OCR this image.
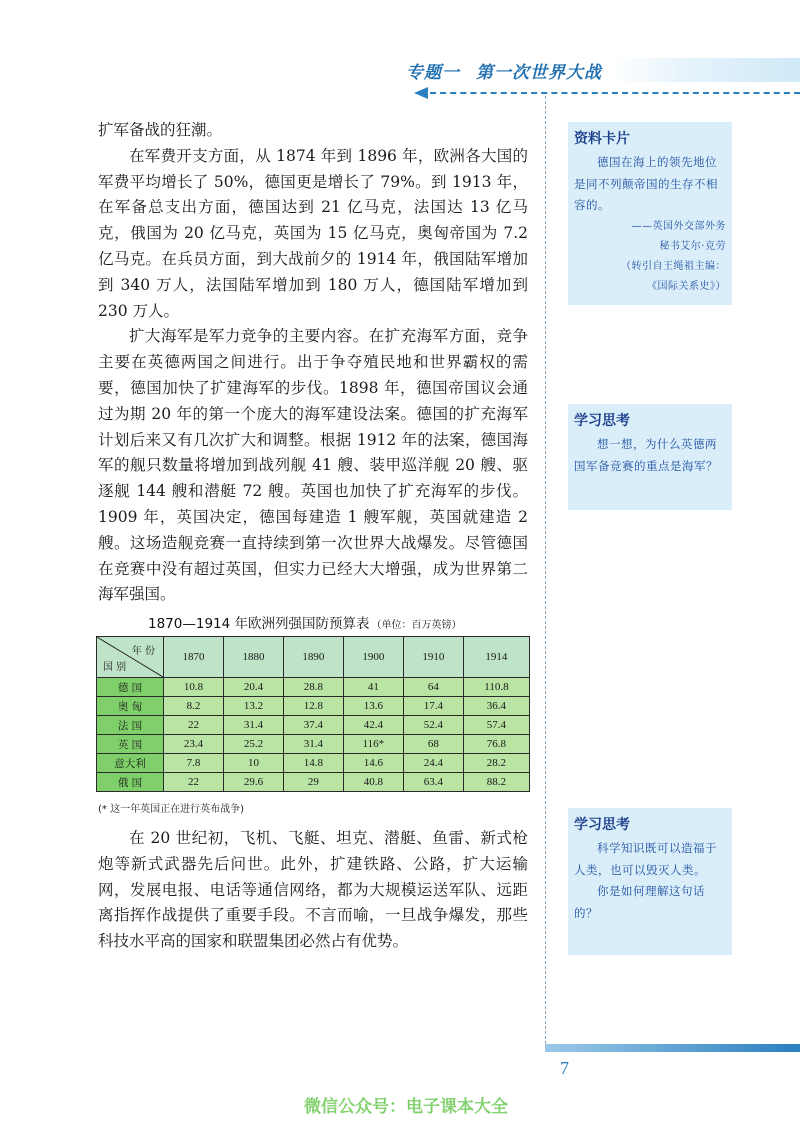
专题一 第一次世界大战

扩军备战的狂潮。

在军费开支方面，从 1874 年到 1896 年，欧洲各大国的军费平均增长了 50%，德国更是增长了 79%。到 1913 年，在军备总支出方面，德国达到 21 亿马克，法国达 13 亿马克，俄国为 20 亿马克，英国为 15 亿马克，奥匈帝国为 7.2 亿马克。在兵员方面，到大战前夕的 1914 年，俄国陆军增加到 340 万人，法国陆军增加到 180 万人，德国陆军增加到 230 万人。

扩大海军是军力竞争的主要内容。在扩充海军方面，竞争主要在英德两国之间进行。出于争夺殖民地和世界霸权的需要，德国加快了扩建海军的步伐。1898 年，德国帝国议会通过为期 20 年的第一个庞大的海军建设法案。德国的扩充海军计划后来又有几次扩大和调整。根据 1912 年的法案，德国海军的舰只数量将增加到战列舰 41 艘、装甲巡洋舰 20 艘、驱逐舰 144 艘和潜艇 72 艘。英国也加快了扩充海军的步伐。1909 年，英国决定，德国每建造 1 艘军舰，英国就建造 2 艘。这场造舰竞赛一直持续到第一次世界大战爆发。尽管德国在竞赛中没有超过英国，但实力已经大大增强，成为世界第二海军强国。

1870—1914 年欧洲列强国防预算表 （单位：百万英镑）
年 份
国 别	1870	1880	1890	1900	1910	1914
德 国	10.8	20.4	28.8	41	64	110.8
奥 匈	8.2	13.2	12.8	13.6	17.4	36.4
法 国	22	31.4	37.4	42.4	52.4	57.4
英 国	23.4	25.2	31.4	116*	68	76.8
意大利	7.8	10	14.8	14.6	24.4	28.2
俄 国	22	29.6	29	40.8	63.4	88.2
(* 这一年英国正在进行英布战争)

在 20 世纪初，飞机、飞艇、坦克、潜艇、鱼雷、新式枪炮等新式武器先后问世。此外，扩建铁路、公路，扩大运输网，发展电报、电话等通信网络，都为大规模运送军队、远距离指挥作战提供了重要手段。不言而喻，一旦战争爆发，那些科技水平高的国家和联盟集团必然占有优势。

资料卡片

德国在海上的领先地位是同不列颠帝国的生存不相容的。

——英国外交部外务

秘书艾尔·克劳

（转引自王绳祖主编：

《国际关系史》）

学习思考

想一想，为什么英德两国军备竞赛的重点是海军？

学习思考

科学知识既可以造福于人类，也可以毁灭人类。

你是如何理解这句话的？

7
微信公众号：电子课本大全
